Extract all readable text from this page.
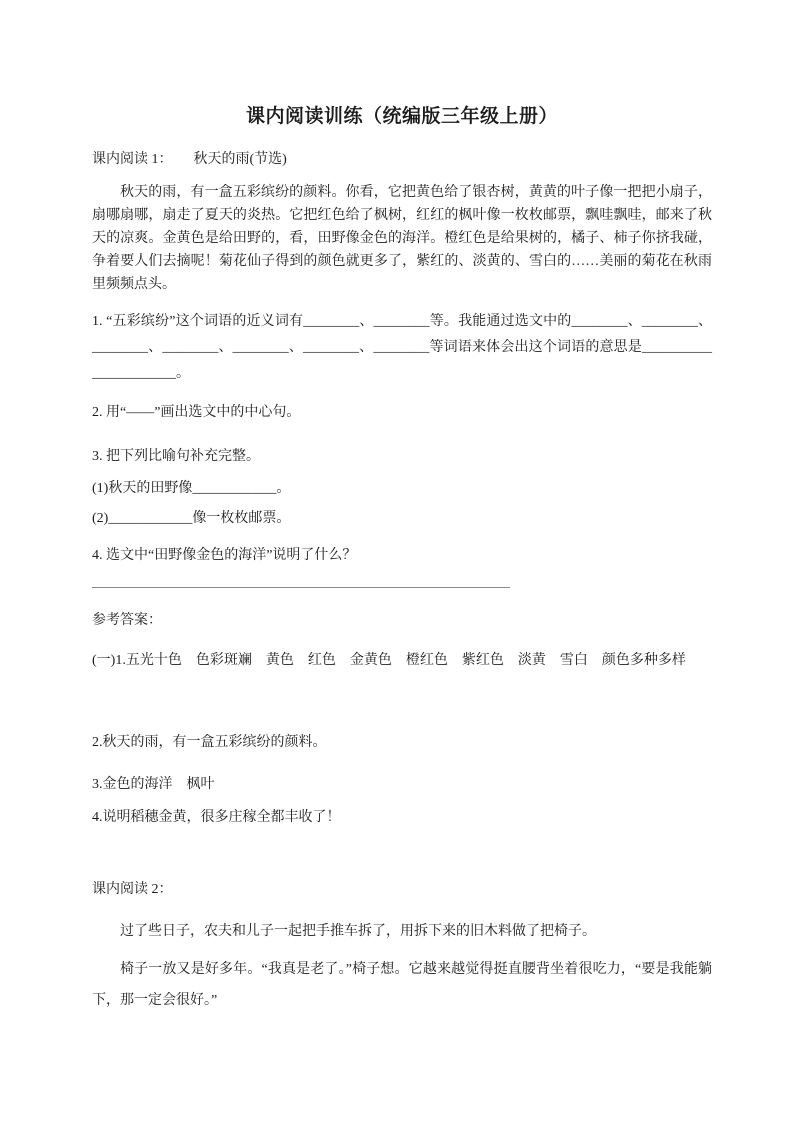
课内阅读训练（统编版三年级上册）
课内阅读 1：　　秋天的雨(节选)

秋天的雨，有一盒五彩缤纷的颜料。你看，它把黄色给了银杏树，黄黄的叶子像一把把小扇子，扇哪扇哪，扇走了夏天的炎热。它把红色给了枫树，红红的枫叶像一枚枚邮票，飘哇飘哇，邮来了秋天的凉爽。金黄色是给田野的，看，田野像金色的海洋。橙红色是给果树的，橘子、柿子你挤我碰，争着要人们去摘呢！菊花仙子得到的颜色就更多了，紫红的、淡黄的、雪白的……美丽的菊花在秋雨里频频点头。

1. “五彩缤纷”这个词语的近义词有________、________等。我能通过选文中的________、________、________、________、________、________、________等词语来体会出这个词语的意思是______________________。
2. 用“——”画出选文中的中心句。
3. 把下列比喻句补充完整。
(1)秋天的田野像____________。
(2)____________像一枚枚邮票。
4. 选文中“田野像金色的海洋”说明了什么？
参考答案：
(一)1.五光十色　色彩斑斓　黄色　红色　金黄色　橙红色　紫红色　淡黄　雪白　颜色多种多样
2.秋天的雨，有一盒五彩缤纷的颜料。
3.金色的海洋　枫叶
4.说明稻穗金黄，很多庄稼全都丰收了！
课内阅读 2：

过了些日子，农夫和儿子一起把手推车拆了，用拆下来的旧木料做了把椅子。

椅子一放又是好多年。“我真是老了。”椅子想。它越来越觉得挺直腰背坐着很吃力，“要是我能躺下，那一定会很好。”
